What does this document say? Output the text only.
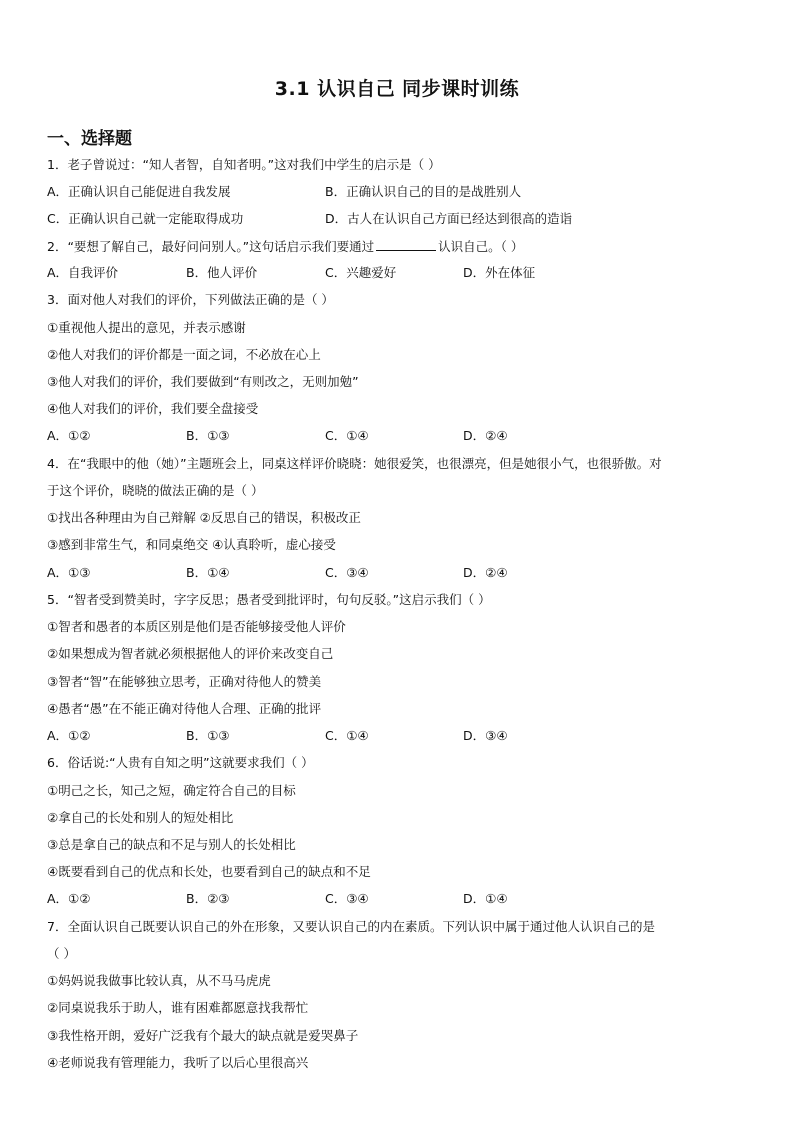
3.1 认识自己 同步课时训练
一、选择题
1．老子曾说过：“知人者智，自知者明。”这对我们中学生的启示是（ ）
A．正确认识自己能促进自我发展	B．正确认识自己的目的是战胜别人
C．正确认识自己就一定能取得成功	D．古人在认识自己方面已经达到很高的造诣
2．“要想了解自己，最好问问别人。”这句话启示我们要通过	认识自己。（ ）
A．自我评价	B．他人评价	C．兴趣爱好	D．外在体征
3．面对他人对我们的评价，下列做法正确的是（ ）
①重视他人提出的意见，并表示感谢
②他人对我们的评价都是一面之词，不必放在心上
③他人对我们的评价，我们要做到“有则改之，无则加勉”
④他人对我们的评价，我们要全盘接受
A．①②	B．①③	C．①④	D．②④
4．在“我眼中的他（她）”主题班会上，同桌这样评价晓晓：她很爱笑，也很漂亮，但是她很小气，也很骄傲。对
于这个评价，晓晓的做法正确的是（ ）
①找出各种理由为自己辩解 ②反思自己的错误，积极改正
③感到非常生气，和同桌绝交 ④认真聆听，虚心接受
A．①③	B．①④	C．③④	D．②④
5．“智者受到赞美时，字字反思；愚者受到批评时，句句反驳。”这启示我们（ ）
①智者和愚者的本质区别是他们是否能够接受他人评价
②如果想成为智者就必须根据他人的评价来改变自己
③智者“智”在能够独立思考，正确对待他人的赞美
④愚者“愚”在不能正确对待他人合理、正确的批评
A．①②	B．①③	C．①④	D．③④
6．俗话说:“人贵有自知之明”这就要求我们（ ）
①明己之长，知己之短，确定符合自己的目标
②拿自己的长处和别人的短处相比
③总是拿自己的缺点和不足与别人的长处相比
④既要看到自己的优点和长处，也要看到自己的缺点和不足
A．①②	B．②③	C．③④	D．①④
7．全面认识自己既要认识自己的外在形象，又要认识自己的内在素质。下列认识中属于通过他人认识自己的是
（ ）
①妈妈说我做事比较认真，从不马马虎虎
②同桌说我乐于助人，谁有困难都愿意找我帮忙
③我性格开朗，爱好广泛我有个最大的缺点就是爱哭鼻子
④老师说我有管理能力，我听了以后心里很高兴
